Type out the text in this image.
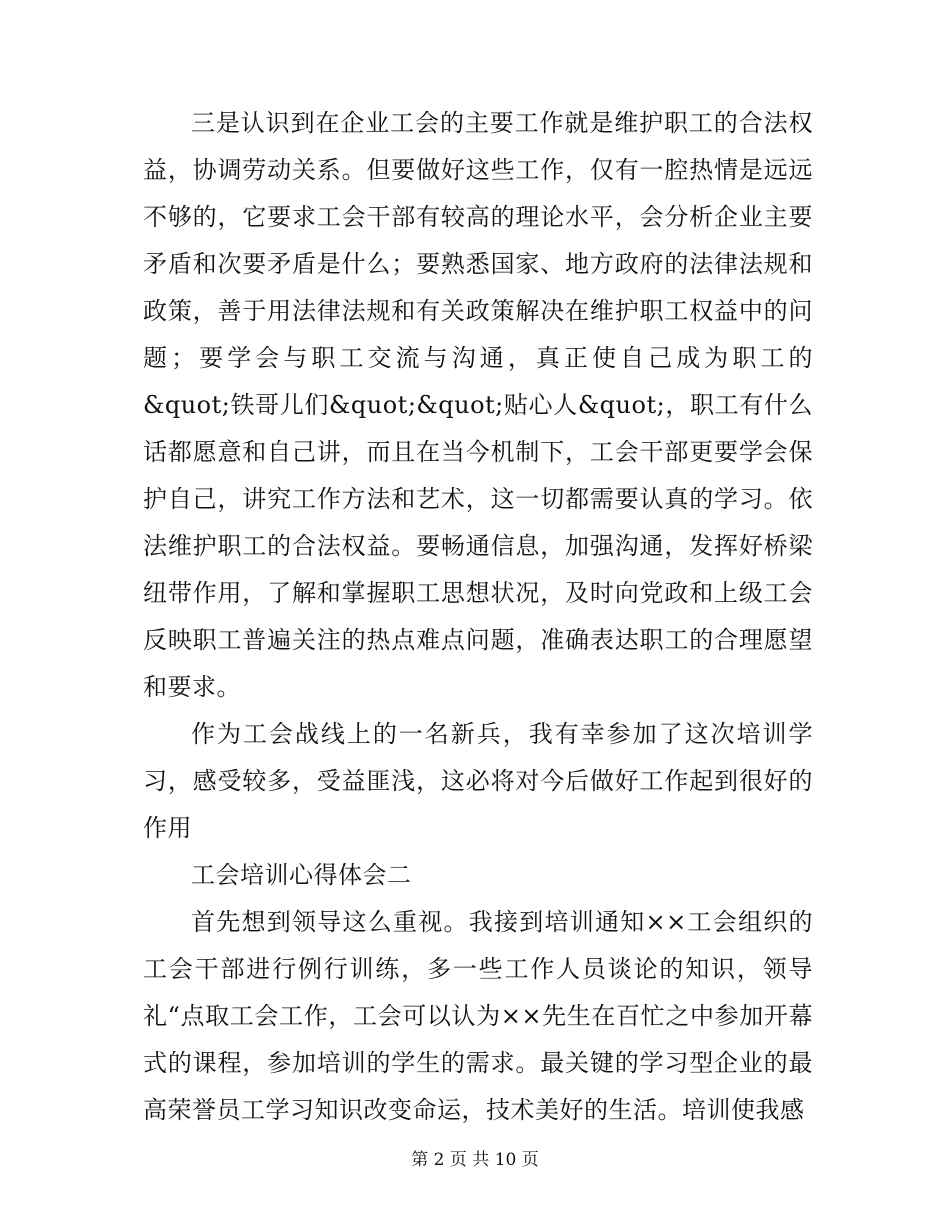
三是认识到在企业工会的主要工作就是维护职工的合法权益，协调劳动关系。但要做好这些工作，仅有一腔热情是远远不够的，它要求工会干部有较高的理论水平，会分析企业主要矛盾和次要矛盾是什么；要熟悉国家、地方政府的法律法规和政策，善于用法律法规和有关政策解决在维护职工权益中的问题；要学会与职工交流与沟通，真正使自己成为职工的&quot;铁哥儿们&quot;&quot;贴心人&quot;，职工有什么话都愿意和自己讲，而且在当今机制下，工会干部更要学会保护自己，讲究工作方法和艺术，这一切都需要认真的学习。依法维护职工的合法权益。要畅通信息，加强沟通，发挥好桥梁纽带作用，了解和掌握职工思想状况，及时向党政和上级工会反映职工普遍关注的热点难点问题，准确表达职工的合理愿望和要求。

作为工会战线上的一名新兵，我有幸参加了这次培训学习，感受较多，受益匪浅，这必将对今后做好工作起到很好的作用

工会培训心得体会二

首先想到领导这么重视。我接到培训通知××工会组织的工会干部进行例行训练，多一些工作人员谈论的知识，领导礼“点取工会工作，工会可以认为××先生在百忙之中参加开幕式的课程，参加培训的学生的需求。最关键的学习型企业的最高荣誉员工学习知识改变命运，技术美好的生活。培训使我感

第 2 页 共 10 页
